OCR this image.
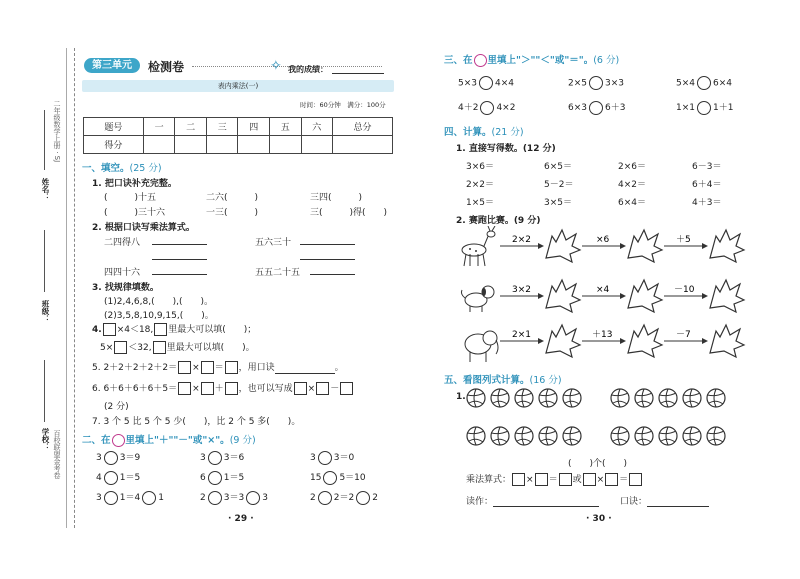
二年级数学上册 · SJ
百校联盟金考卷
姓名：
班级：
学校：
第三单元	检测卷	✧ 我的成绩：
表内乘法(一)
时间：60分钟　满分：100分
题号	一	二	三	四	五	六	总分
得分							
一、填空。(25 分)
1. 把口诀补充完整。
(　　　)十五	二六(　　　)	三四(　　　)
(　　　)三十六	一三(　　　)	三(　　　)得(　　)
2. 根据口诀写乘法算式。
二四得八	五六三十
四四十六	五五二十五
3. 找规律填数。
(1)2,4,6,8,(　　),(　　)。
(2)3,5,8,10,9,15,(　　)。
4. ×4＜18, 里最大可以填(　　)；
5× ＜32, 里最大可以填(　　)。
5. 2＋2＋2＋2＋2＝ × ＝ ，用口诀	。
6. 6＋6＋6＋6＋5＝ × ＋ ，也可以写成 × －
(2 分)
7. 3 个 5 比 5 个 5 少(　　)，比 2 个 5 多(　　)。
二、在 里填上"＋""－"或"×"。(9 分)
3 3＝9	3 3＝6	3 3＝0
4 1＝5	6 1＝5	15 5＝10
3 1＝4 1	2 3＝3 3	2 2＝2 2
· 29 ·
三、在 里填上"＞""＜"或"＝"。(6 分)
5×3 4×4	2×5 3×3	5×4 6×4
4＋2 4×2	6×3 6＋3	1×1 1＋1
四、计算。(21 分)
1. 直接写得数。(12 分)
3×6＝	6×5＝	2×6＝	6－3＝
2×2＝	5－2＝	4×2＝	6＋4＝
1×5＝	3×5＝	6×4＝	4＋3＝
2. 赛跑比赛。(9 分)
2×2	×6	＋5
3×2	×4	－10
2×1	＋13	－7
五、看图列式计算。(16 分)
1.
(　　)个(　　)
乘法算式： × ＝ 或 × ＝
读作：	口诀：
· 30 ·
